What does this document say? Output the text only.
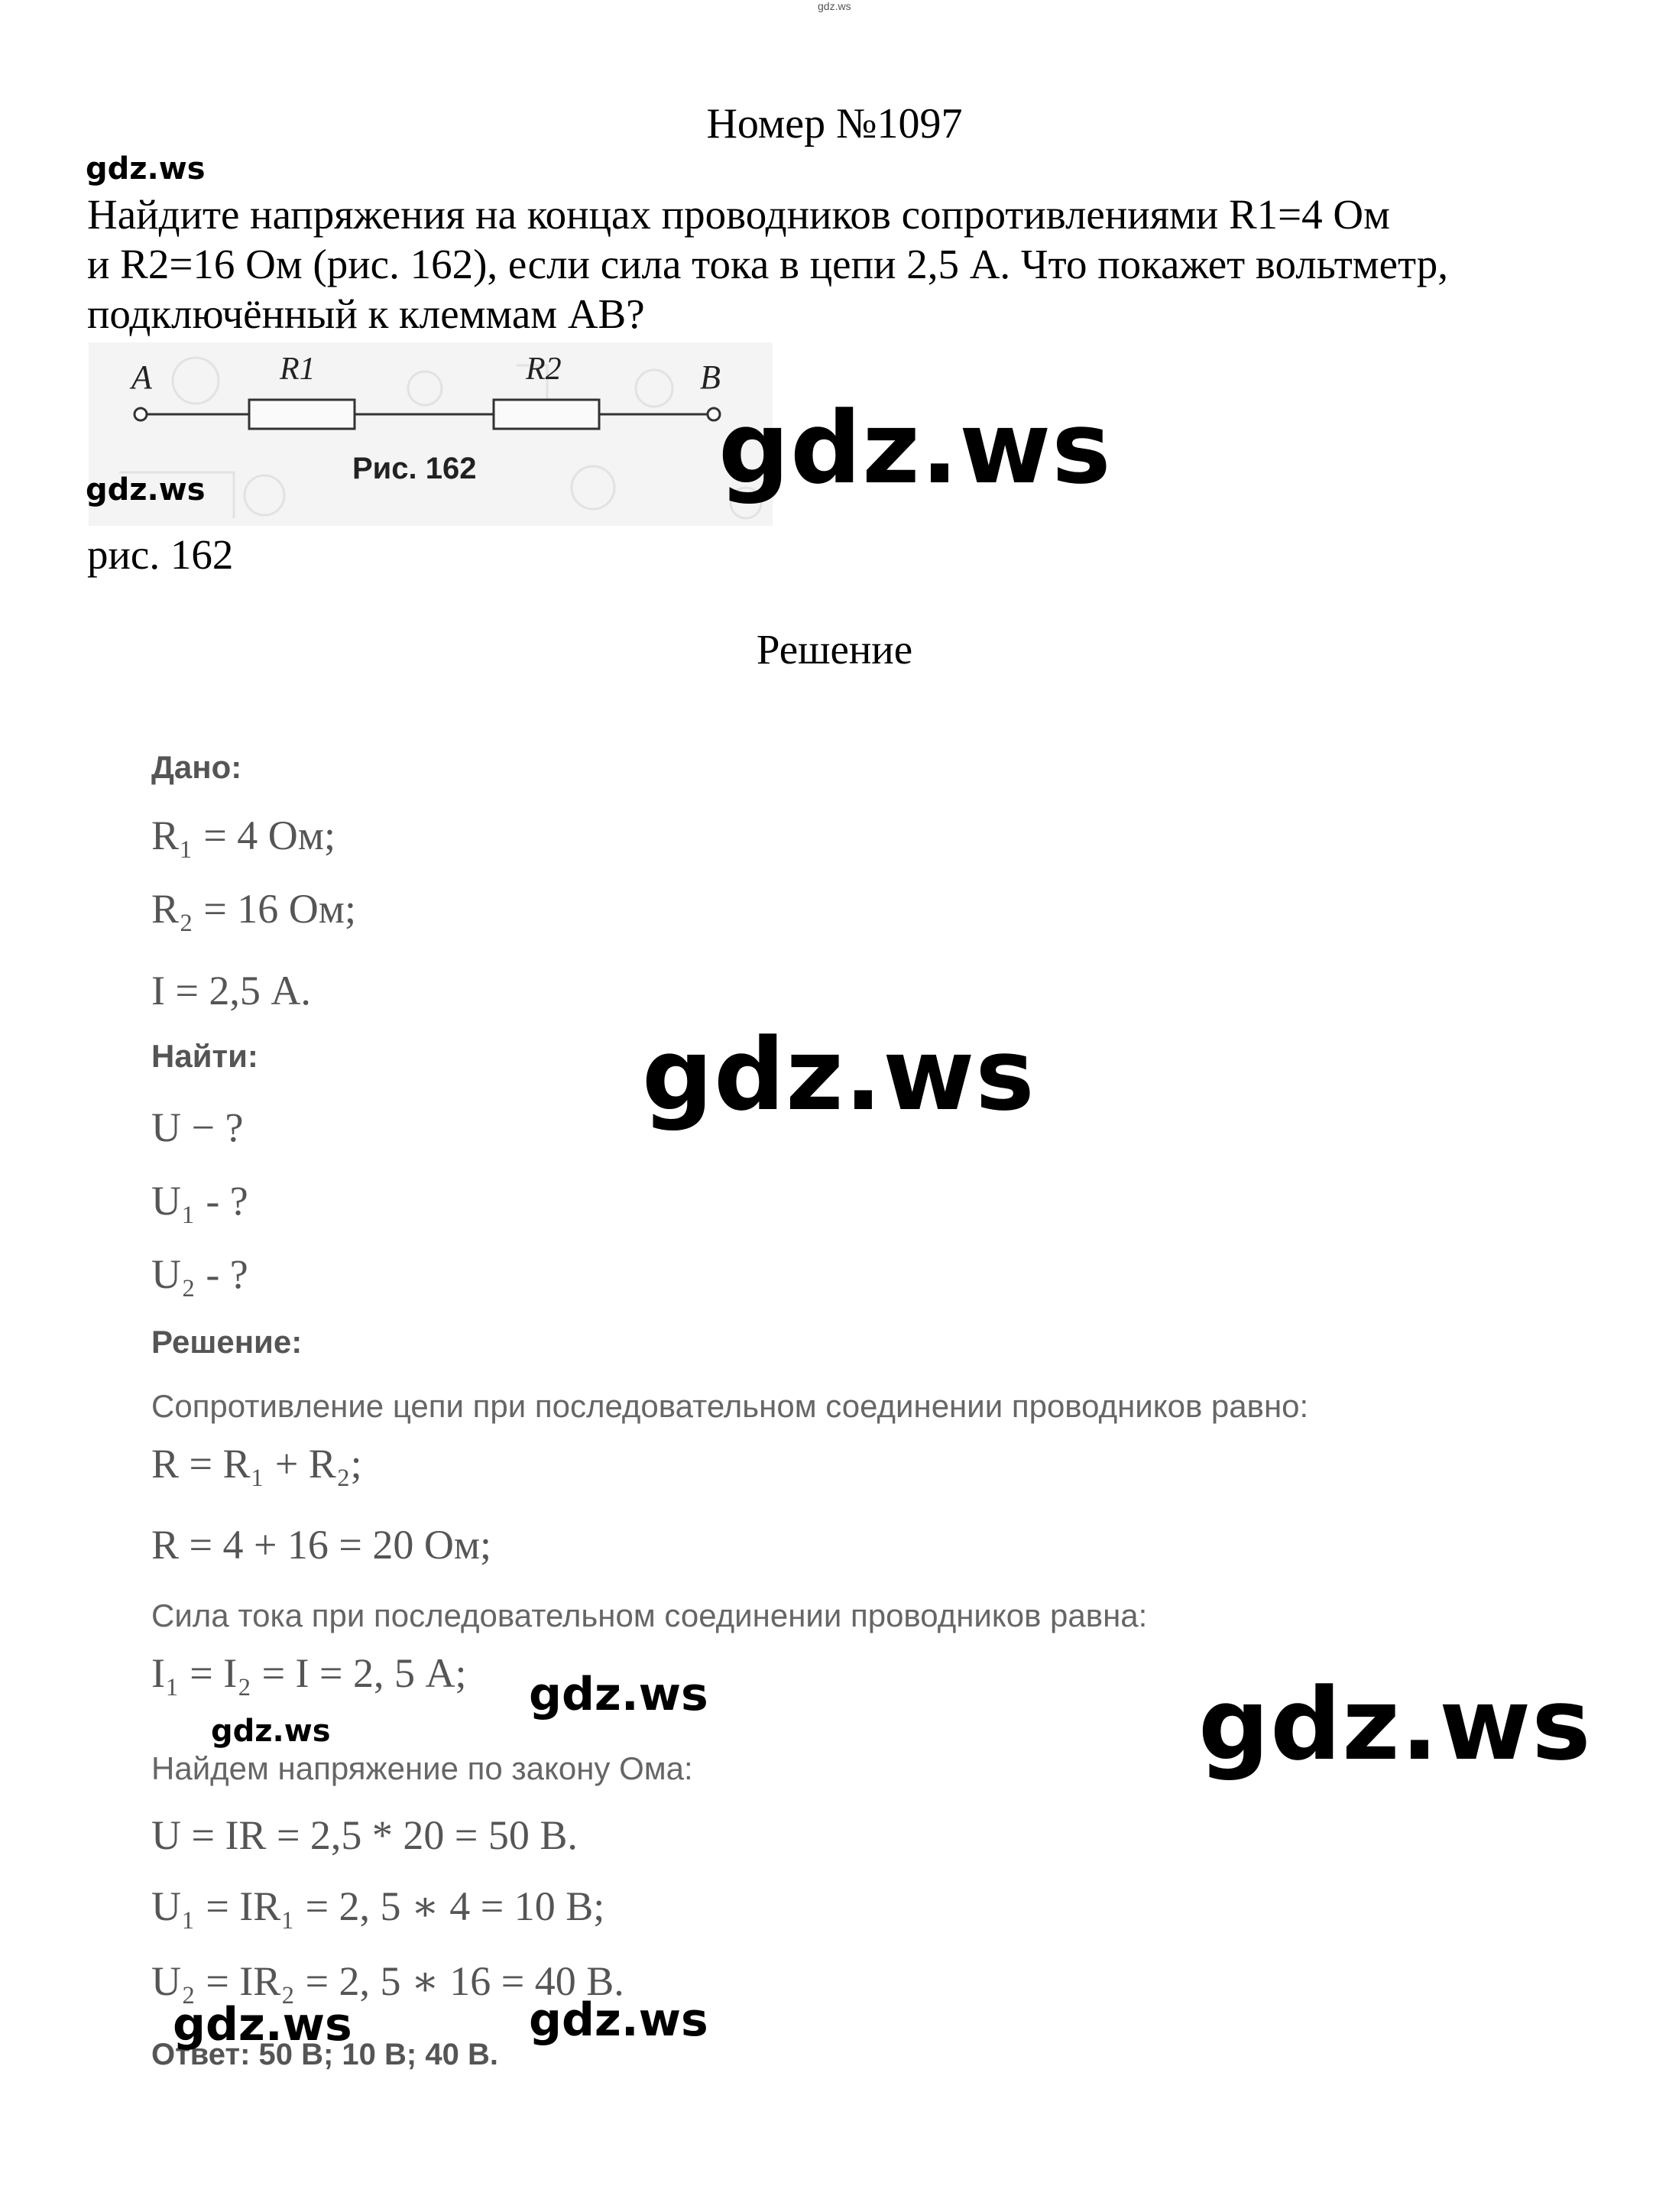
gdz.ws
Номер №1097
gdz.ws
Найдите напряжения на концах проводников сопротивлениями R1=4 Ом
и R2=16 Ом (рис. 162), если сила тока в цепи 2,5 А. Что покажет вольтметр,
подключённый к клеммам АВ?
A	B
R1	R2
Рис. 162 gdz.ws
gdz.ws
рис. 162
Решение
Дано:
R₁ = 4 Ом;
R₂ = 16 Ом;
I = 2,5 А.
Найти:
U − ?
U₁ - ?
U₂ - ?
Решение:
Сопротивление цепи при последовательном соединении проводников равно:
R = R₁ + R₂;
R = 4 + 16 = 20 Ом;
Сила тока при последовательном соединении проводников равна:
I₁ = I₂ = I = 2, 5 А;
Найдем напряжение по закону Ома:
U = IR = 2,5 * 20 = 50 В.
U₁ = IR₁ = 2, 5 ∗ 4 = 10 В;
U₂ = IR₂ = 2, 5 ∗ 16 = 40 В.
Ответ: 50 В; 10 В; 40 В.
gdz.ws
gdz.ws
gdz.ws	gdz.ws
gdz.ws	gdz.ws
